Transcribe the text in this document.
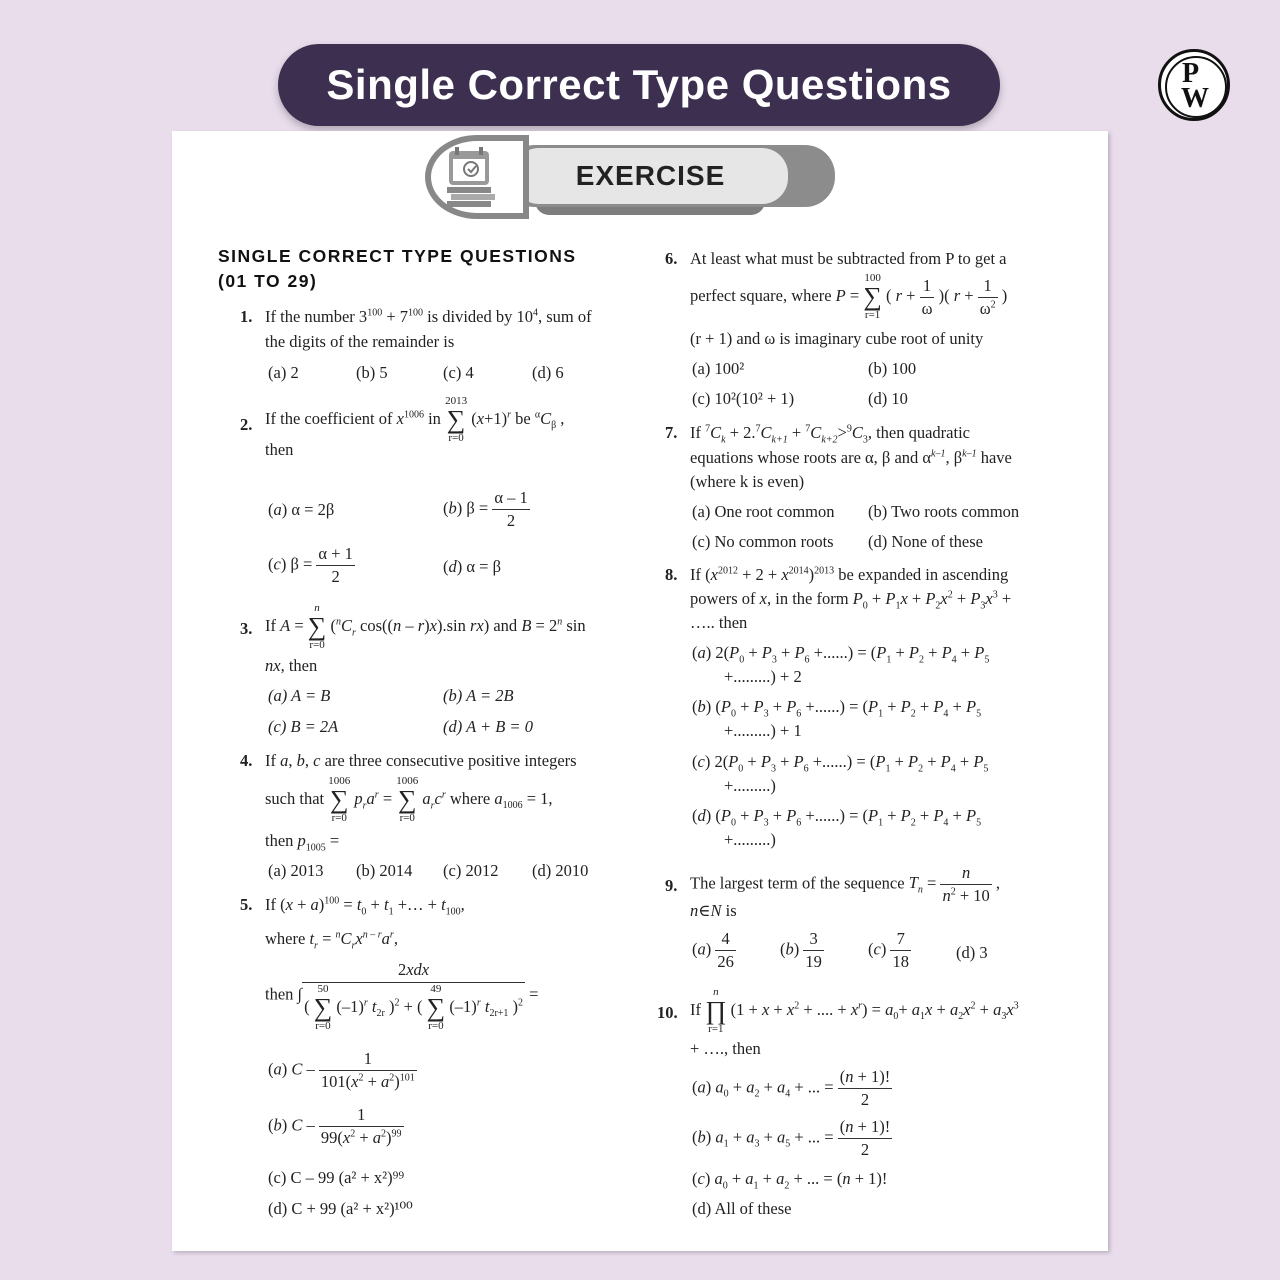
Single Correct Type Questions	P
W
EXERCISE
SINGLE CORRECT TYPE QUESTIONS
(01 TO 29)
1. If the number $3^{100} + 7^{100}$ is divided by $10^4$, sum of
the digits of the remainder is
(a) 2	(b) 5	(c) 4	(d) 6
2. If the coefficient of $x^{1006}$ in
2013
∑
r=0
$(x+1)^r$ be $^\alpha C_\beta$ ,
then
(a) α = 2β	(b) $\beta = \frac{\alpha - 1}{2}$
(c) $\beta = \frac{\alpha + 1}{2}$	(d) α = β
3. If A =
n
∑
r=0
($^nC_r$ cos((n – r)x).sin rx) and $B = 2^n$ sin
nx, then
(a) A = B	(b) A = 2B
(c) B = 2A	(d) A + B = 0
4. If a, b, c are three consecutive positive integers
such that
1006
∑
r=0
$p_ra^r$ =
1006
∑
r=0
$a_rc^r$ where $a_{1006} = 1$,
then $p_{1005}$ =
(a) 2013 (b) 2014 (c) 2012 (d) 2010
5. If $(x + a)^{100} = t_0 + t_1$ +… + $t_{100}$,
where $t_r = ^nC_rx^{n - r}a^r$,
then ∫ 2xdx
(
50
∑
r=0
$(-1)^r$ $t_{2r}$ )$^2$ + (
49
∑
r=0
$(-1)^r$ $t_{2r+1}$ )$^2$ =
(a) C – $\frac{1}{101(x^2 + a^2)^{101}}$
(b) C – $\frac{1}{99(x^2 + a^2)^{99}}$
(c) C – 99 (a² + x²)⁹⁹
(d) C + 99 (a² + x²)¹⁰⁰
6. At least what must be subtracted from P to get a
perfect square, where P =
100
∑
r=1
( $r + \frac{1}{\omega}$ )( $r + \frac{1}{\omega^2}$ )
(r + 1) and ω is imaginary cube root of unity
(a) 100²	(b) 100
(c) 10²(10² + 1)	(d) 10
7. If $^7C_k + 2.^7C_{k+1} + ^7C_{k+2}>^9C_3$, then quadratic
equations whose roots are α, β and $\alpha^{k-1}$, $\beta^{k-1}$ have
(where k is even)
(a) One root common (b) Two roots common
(c) No common roots (d) None of these
8. If $(x^{2012} + 2 + x^{2014})^{2013}$ be expanded in ascending
powers of x, in the form $P_0 + P_1x + P_2x^2 + P_3x^3$ +
….. then
(a) $2(P_0 + P_3 + P_6$ +......) = ($P_1 + P_2 + P_4 + P_5$
+.........) + 2
(b) ($P_0 + P_3 + P_6$ +......) = ($P_1 + P_2 + P_4 + P_5$
+.........) + 1
(c) $2(P_0 + P_3 + P_6$ +......) = ($P_1 + P_2 + P_4 + P_5$
+.........)
(d) ($P_0 + P_3 + P_6$ +......) = ($P_1 + P_2 + P_4 + P_5$
+.........)
9. The largest term of the sequence $T_n = \frac{n}{n^2 + 10}$ ,
n∈N is
$(a) \frac{4}{26}$	$(b) \frac{3}{19}$	$(c) \frac{7}{18}$	(d) 3
10. If
n
∏
r=1
($1 + x + x^2$ + .... + $x^r) = a_0+ a_1x + a_2x^2 + a_3x^3$
+ …., then
(a) $a_0 + a_2 + a_4$ + ... = $\frac{(n + 1)!}{2}$
(b) $a_1 + a_3 + a_5$ + ... = $\frac{(n + 1)!}{2}$
(c) $a_0 + a_1 + a_2$ + ... = (n + 1)!
(d) All of these
